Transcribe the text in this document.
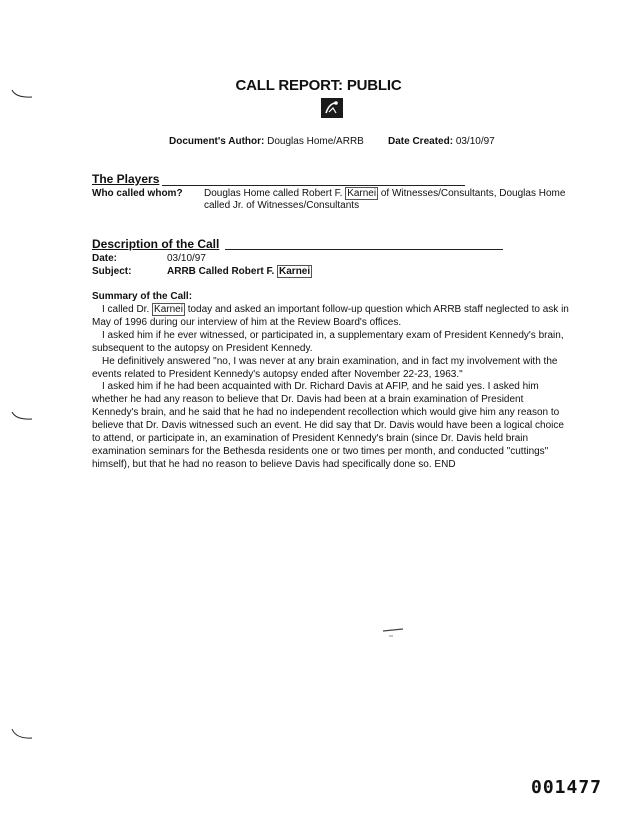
CALL REPORT: PUBLIC
Document's Author: Douglas Home/ARRB Date Created: 03/10/97
The Players
Who called whom? Douglas Home called Robert F. Karnei of Witnesses/Consultants, Douglas Home
called Jr. of Witnesses/Consultants
Description of the Call
Date:	03/10/97
Subject:	ARRB Called Robert F. Karnei
Summary of the Call:

I called Dr. Karnei today and asked an important follow-up question which ARRB staff neglected to ask in May of 1996 during our interview of him at the Review Board's offices.

I asked him if he ever witnessed, or participated in, a supplementary exam of President Kennedy's brain, subsequent to the autopsy on President Kennedy.

He definitively answered "no, I was never at any brain examination, and in fact my involvement with the events related to President Kennedy's autopsy ended after November 22-23, 1963."

I asked him if he had been acquainted with Dr. Richard Davis at AFIP, and he said yes. I asked him whether he had any reason to believe that Dr. Davis had been at a brain examination of President Kennedy's brain, and he said that he had no independent recollection which would give him any reason to believe that Dr. Davis witnessed such an event. He did say that Dr. Davis would have been a logical choice to attend, or participate in, an examination of President Kennedy's brain (since Dr. Davis held brain examination seminars for the Bethesda residents one or two times per month, and conducted "cuttings" himself), but that he had no reason to believe Davis had specifically done so. END

001477
